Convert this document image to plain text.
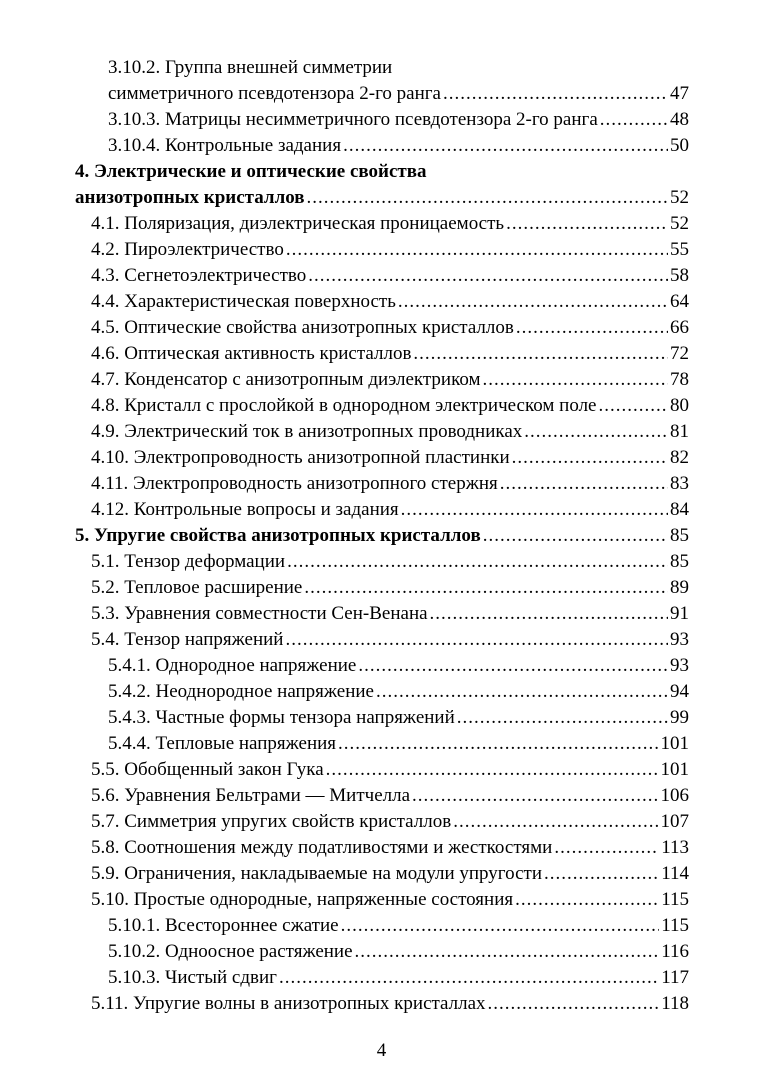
3.10.2. Группа внешней симметрии
симметричного псевдотензора 2-го ранга .....	47
3.10.3. Матрицы несимметричного псевдотензора 2-го ранга .....	48
3.10.4. Контрольные задания .....	50
4. Электрические и оптические свойства
анизотропных кристаллов .....	52
4.1. Поляризация, диэлектрическая проницаемость .....	52
4.2. Пироэлектричество .....	55
4.3. Сегнетоэлектричество .....	58
4.4. Характеристическая поверхность .....	64
4.5. Оптические свойства анизотропных кристаллов .....	66
4.6. Оптическая активность кристаллов .....	72
4.7. Конденсатор с анизотропным диэлектриком .....	78
4.8. Кристалл с прослойкой в однородном электрическом поле .....	80
4.9. Электрический ток в анизотропных проводниках .....	81
4.10. Электропроводность анизотропной пластинки .....	82
4.11. Электропроводность анизотропного стержня .....	83
4.12. Контрольные вопросы и задания .....	84
5. Упругие свойства анизотропных кристаллов .....	85
5.1. Тензор деформации .....	85
5.2. Тепловое расширение .....	89
5.3. Уравнения совместности Сен-Венана .....	91
5.4. Тензор напряжений .....	93
5.4.1. Однородное напряжение .....	93
5.4.2. Неоднородное напряжение .....	94
5.4.3. Частные формы тензора напряжений .....	99
5.4.4. Тепловые напряжения .....	101
5.5. Обобщенный закон Гука .....	101
5.6. Уравнения Бельтрами — Митчелла .....	106
5.7. Симметрия упругих свойств кристаллов .....	107
5.8. Соотношения между податливостями и жесткостями .....	113
5.9. Ограничения, накладываемые на модули упругости .....	114
5.10. Простые однородные, напряженные состояния .....	115
5.10.1. Всестороннее сжатие .....	115
5.10.2. Одноосное растяжение .....	116
5.10.3. Чистый сдвиг .....	117
5.11. Упругие волны в анизотропных кристаллах .....	118
4
